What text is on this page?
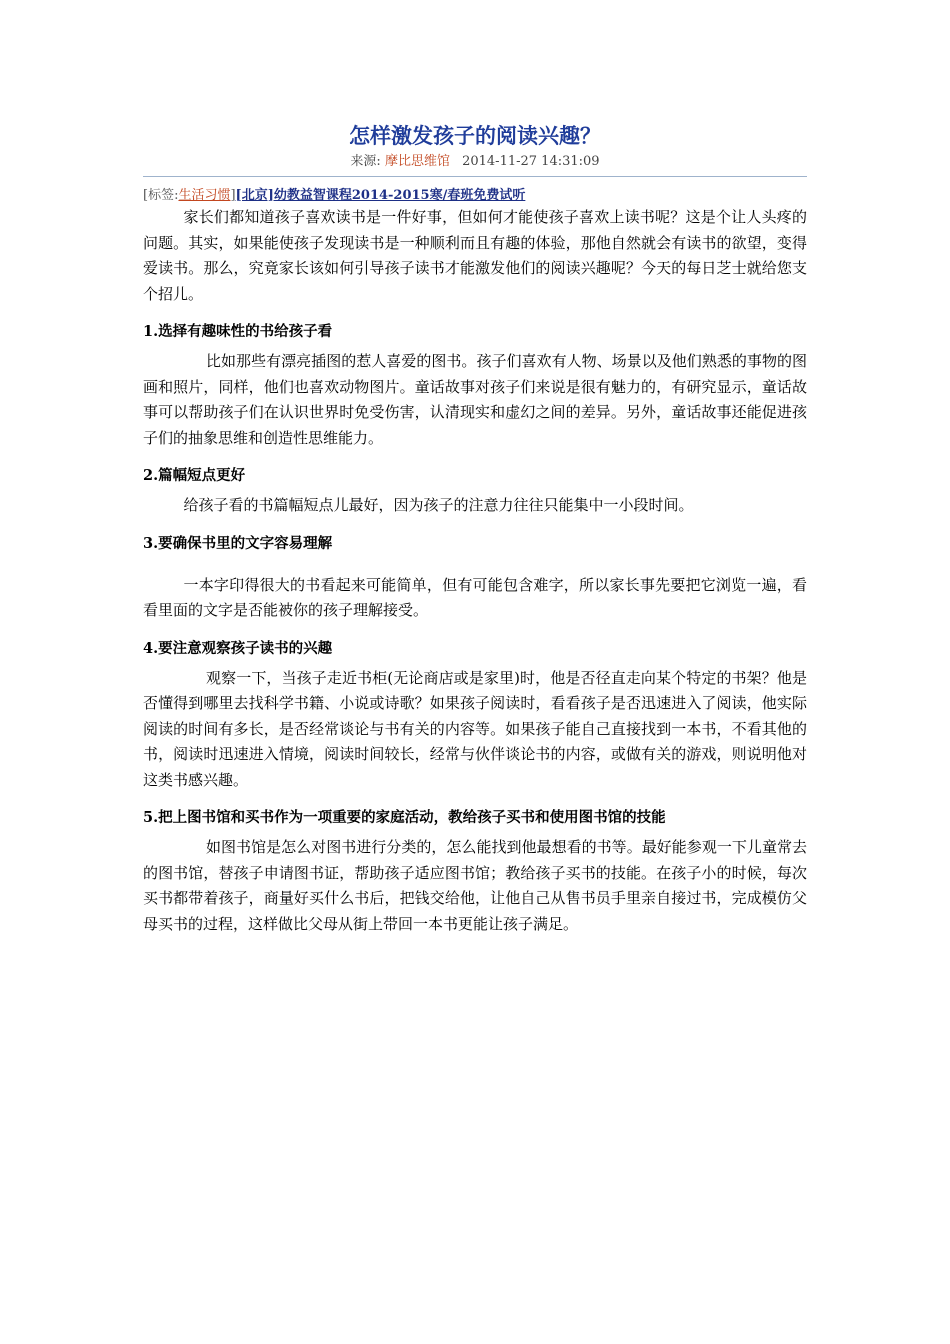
怎样激发孩子的阅读兴趣？
来源: 摩比思维馆 2014-11-27 14:31:09
[标签:生活习惯][北京]幼教益智课程2014-2015寒/春班免费试听

家长们都知道孩子喜欢读书是一件好事，但如何才能使孩子喜欢上读书呢？这是个让人头疼的问题。其实，如果能使孩子发现读书是一种顺利而且有趣的体验，那他自然就会有读书的欲望，变得爱读书。那么，究竟家长该如何引导孩子读书才能激发他们的阅读兴趣呢？今天的每日芝士就给您支个招儿。

1.选择有趣味性的书给孩子看

比如那些有漂亮插图的惹人喜爱的图书。孩子们喜欢有人物、场景以及他们熟悉的事物的图画和照片，同样，他们也喜欢动物图片。童话故事对孩子们来说是很有魅力的，有研究显示，童话故事可以帮助孩子们在认识世界时免受伤害，认清现实和虚幻之间的差异。另外，童话故事还能促进孩子们的抽象思维和创造性思维能力。

2.篇幅短点更好

给孩子看的书篇幅短点儿最好，因为孩子的注意力往往只能集中一小段时间。

3.要确保书里的文字容易理解

一本字印得很大的书看起来可能简单，但有可能包含难字，所以家长事先要把它浏览一遍，看看里面的文字是否能被你的孩子理解接受。

4.要注意观察孩子读书的兴趣

观察一下，当孩子走近书柜(无论商店或是家里)时，他是否径直走向某个特定的书架？他是否懂得到哪里去找科学书籍、小说或诗歌？如果孩子阅读时，看看孩子是否迅速进入了阅读，他实际阅读的时间有多长，是否经常谈论与书有关的内容等。如果孩子能自己直接找到一本书，不看其他的书，阅读时迅速进入情境，阅读时间较长，经常与伙伴谈论书的内容，或做有关的游戏，则说明他对这类书感兴趣。

5.把上图书馆和买书作为一项重要的家庭活动，教给孩子买书和使用图书馆的技能

如图书馆是怎么对图书进行分类的，怎么能找到他最想看的书等。最好能参观一下儿童常去的图书馆，替孩子申请图书证，帮助孩子适应图书馆；教给孩子买书的技能。在孩子小的时候，每次买书都带着孩子，商量好买什么书后，把钱交给他，让他自己从售书员手里亲自接过书，完成模仿父母买书的过程，这样做比父母从街上带回一本书更能让孩子满足。
